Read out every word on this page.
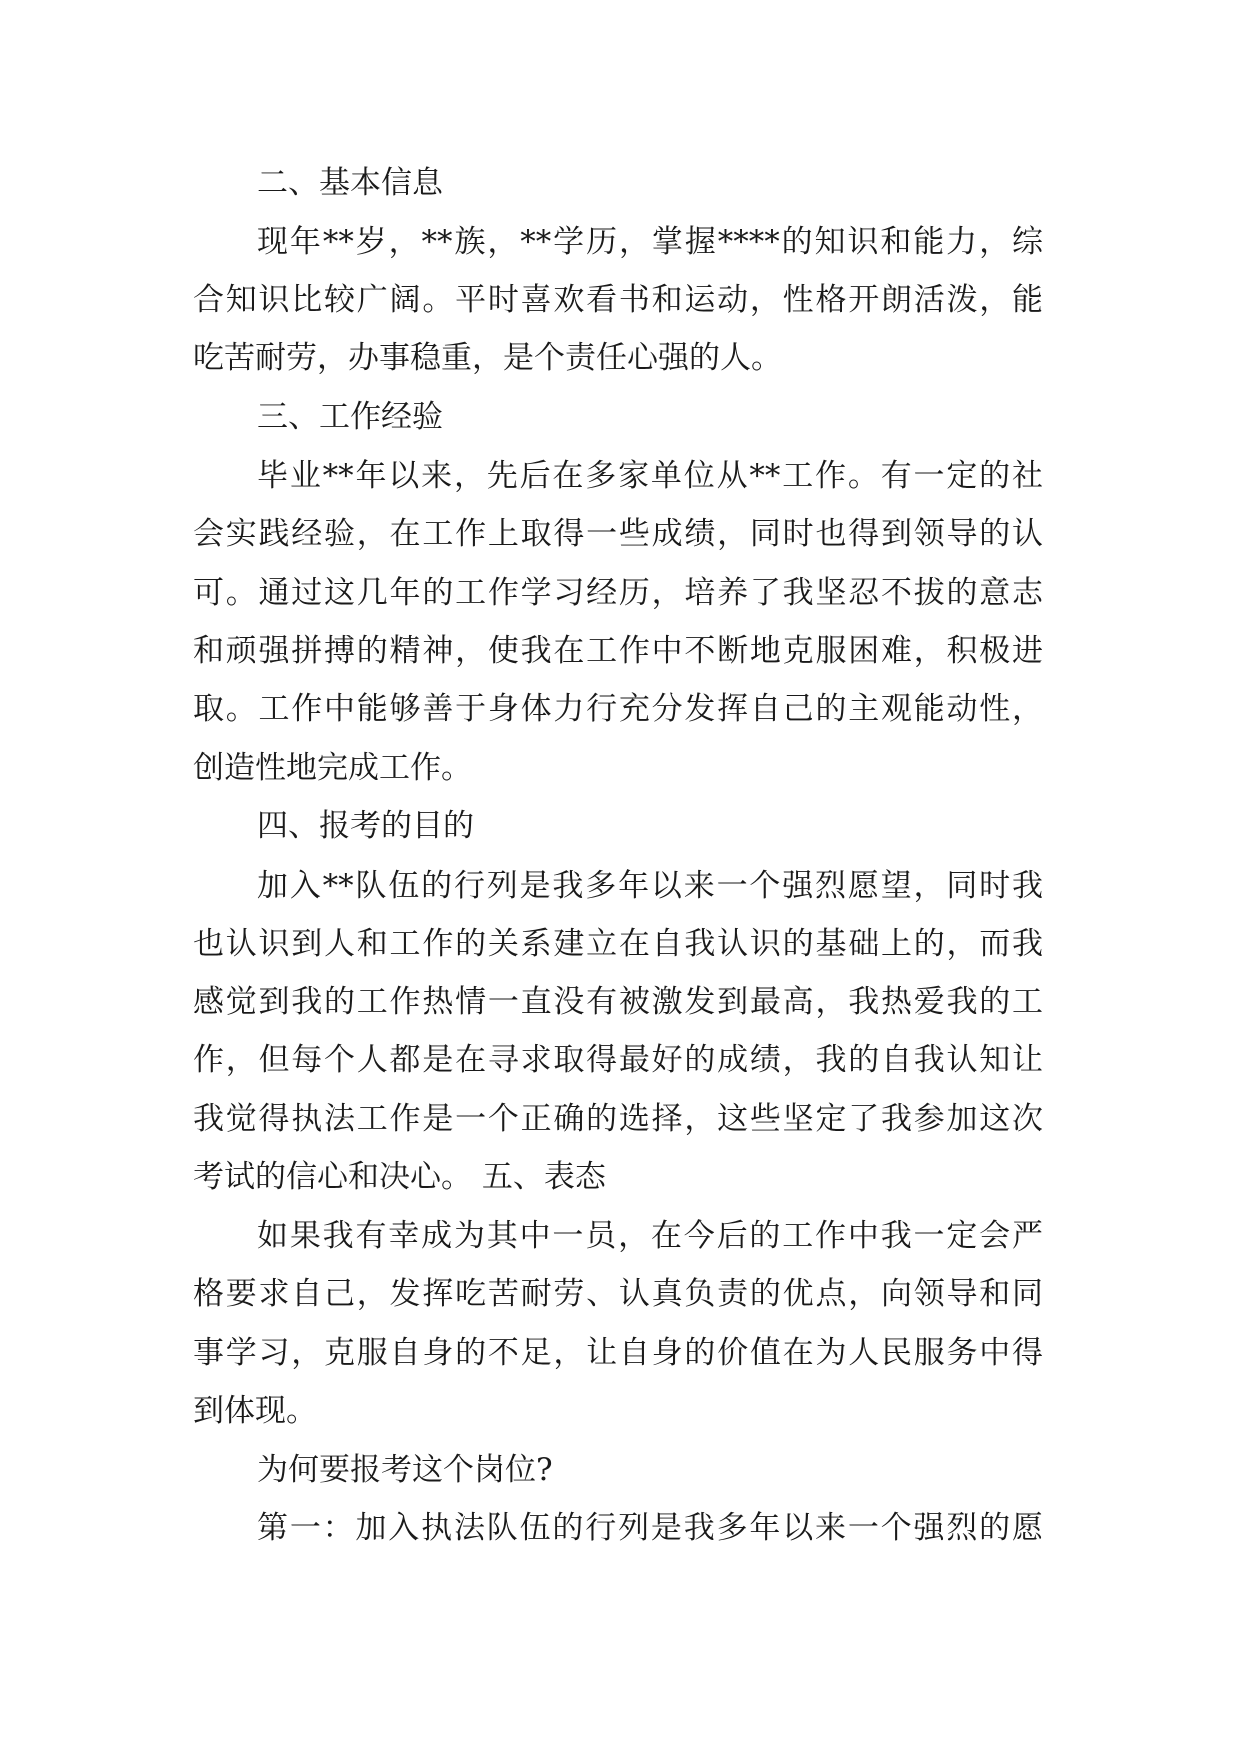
二、基本信息
现年**岁，**族，**学历，掌握****的知识和能力，综
合知识比较广阔。平时喜欢看书和运动，性格开朗活泼，能
吃苦耐劳，办事稳重，是个责任心强的人。
三、工作经验
毕业**年以来，先后在多家单位从**工作。有一定的社
会实践经验，在工作上取得一些成绩，同时也得到领导的认
可。通过这几年的工作学习经历，培养了我坚忍不拔的意志
和顽强拼搏的精神，使我在工作中不断地克服困难，积极进
取。工作中能够善于身体力行充分发挥自己的主观能动性，
创造性地完成工作。
四、报考的目的
加入**队伍的行列是我多年以来一个强烈愿望，同时我
也认识到人和工作的关系建立在自我认识的基础上的，而我
感觉到我的工作热情一直没有被激发到最高，我热爱我的工
作，但每个人都是在寻求取得最好的成绩，我的自我认知让
我觉得执法工作是一个正确的选择，这些坚定了我参加这次
考试的信心和决心。 五、表态
如果我有幸成为其中一员，在今后的工作中我一定会严
格要求自己，发挥吃苦耐劳、认真负责的优点，向领导和同
事学习，克服自身的不足，让自身的价值在为人民服务中得
到体现。
为何要报考这个岗位?
第一：加入执法队伍的行列是我多年以来一个强烈的愿
